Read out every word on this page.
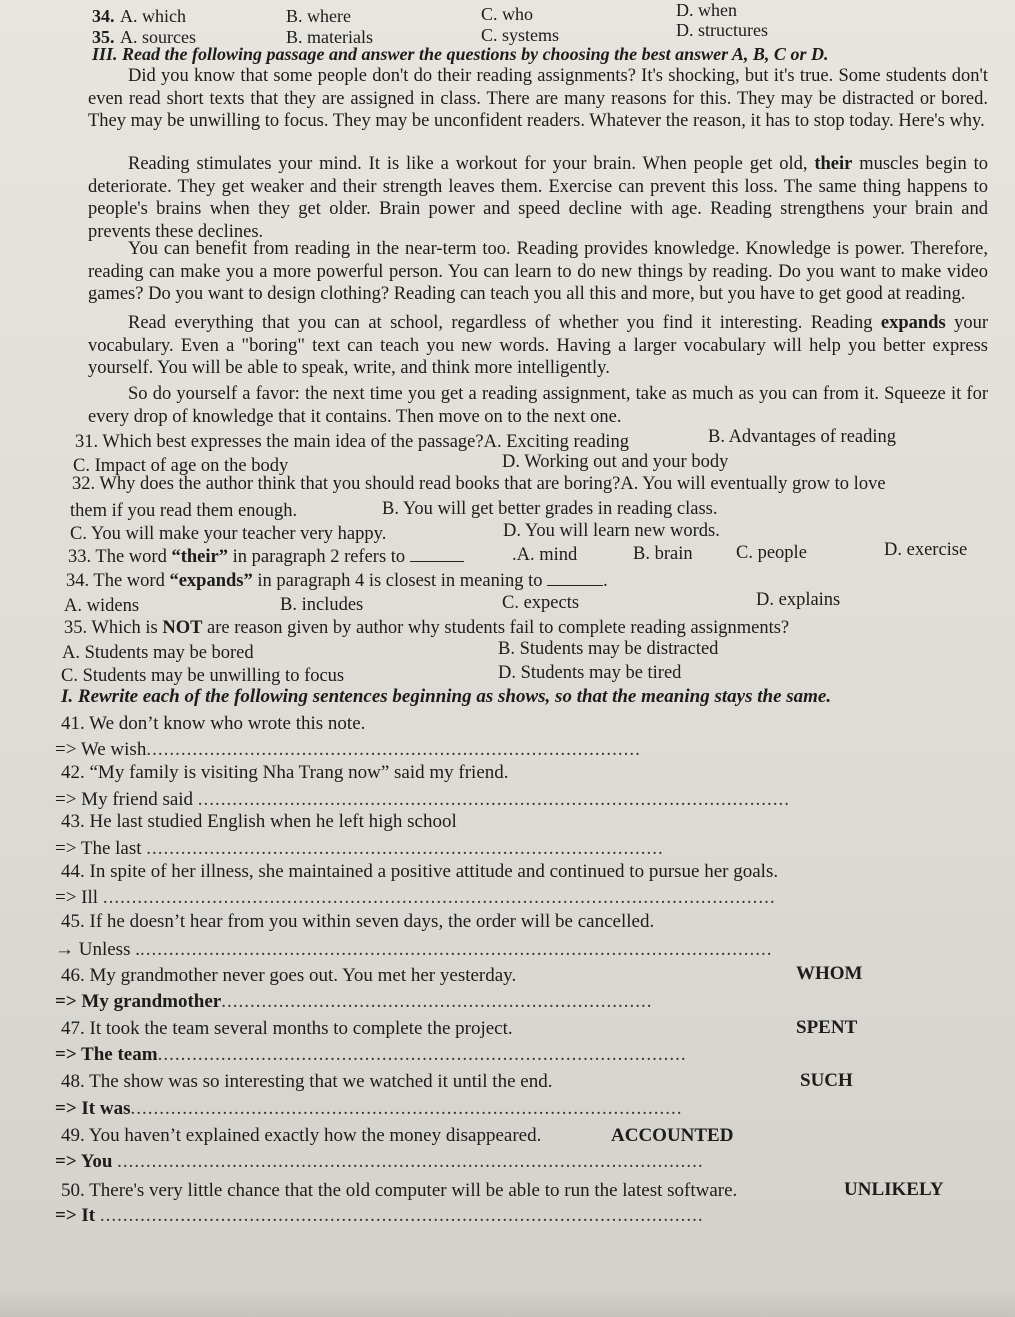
34. A. which	B. where	C. who	D. when
35. A. sources	B. materials	C. systems	D. structures
III. Read the following passage and answer the questions by choosing the best answer A, B, C or D.
Did you know that some people don't do their reading assignments? It's shocking, but it's true. Some students don't even read short texts that they are assigned in class. There are many reasons for this. They may be distracted or bored. They may be unwilling to focus. They may be unconfident readers. Whatever the reason, it has to stop today. Here's why.
Reading stimulates your mind. It is like a workout for your brain. When people get old, their muscles begin to deteriorate. They get weaker and their strength leaves them. Exercise can prevent this loss. The same thing happens to people's brains when they get older. Brain power and speed decline with age. Reading strengthens your brain and prevents these declines.
You can benefit from reading in the near-term too. Reading provides knowledge. Knowledge is power. Therefore, reading can make you a more powerful person. You can learn to do new things by reading. Do you want to make video games? Do you want to design clothing? Reading can teach you all this and more, but you have to get good at reading.
Read everything that you can at school, regardless of whether you find it interesting. Reading expands your vocabulary. Even a "boring" text can teach you new words. Having a larger vocabulary will help you better express yourself. You will be able to speak, write, and think more intelligently.
So do yourself a favor: the next time you get a reading assignment, take as much as you can from it. Squeeze it for every drop of knowledge that it contains. Then move on to the next one.
31. Which best expresses the main idea of the passage?A. Exciting reading	B. Advantages of reading
C. Impact of age on the body	D. Working out and your body
32. Why does the author think that you should read books that are boring?A. You will eventually grow to love
them if you read them enough.	B. You will get better grades in reading class.
C. You will make your teacher very happy.	D. You will learn new words.
33. The word “their” in paragraph 2 refers to	.A. mind	B. brain C. people	D. exercise
34. The word “expands” in paragraph 4 is closest in meaning to	.
A. widens	B. includes	C. expects	D. explains
35. Which is NOT are reason given by author why students fail to complete reading assignments?
A. Students may be bored	B. Students may be distracted
C. Students may be unwilling to focus	D. Students may be tired
I. Rewrite each of the following sentences beginning as shows, so that the meaning stays the same.
41. We don’t know who wrote this note.
=> We wish......................................................................................
42. “My family is visiting Nha Trang now” said my friend.
=> My friend said .......................................................................................................
43. He last studied English when he left high school
=> The last ..........................................................................................
44. In spite of her illness, she maintained a positive attitude and continued to pursue her goals.
=> Ill .....................................................................................................................
45. If he doesn’t hear from you within seven days, the order will be cancelled.
→ Unless ...............................................................................................................
46. My grandmother never goes out. You met her yesterday.	WHOM
=> My grandmother...........................................................................
47. It took the team several months to complete the project.	SPENT
=> The team............................................................................................
48. The show was so interesting that we watched it until the end.	SUCH
=> It was................................................................................................
49. You haven’t explained exactly how the money disappeared.	ACCOUNTED
=> You ......................................................................................................
50. There's very little chance that the old computer will be able to run the latest software.	UNLIKELY
=> It .........................................................................................................
